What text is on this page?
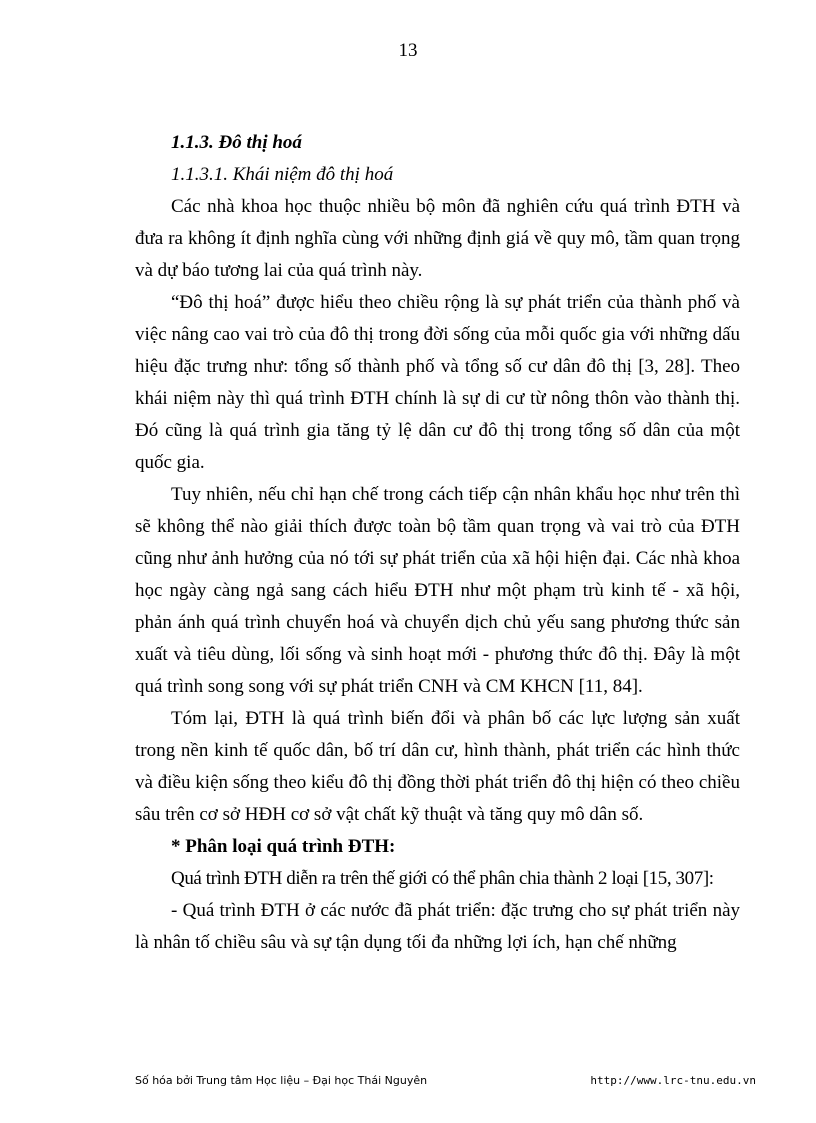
13

1.1.3. Đô thị hoá

1.1.3.1. Khái niệm đô thị hoá

Các nhà khoa học thuộc nhiều bộ môn đã nghiên cứu quá trình ĐTH và đưa ra không ít định nghĩa cùng với những định giá về quy mô, tầm quan trọng và dự báo tương lai của quá trình này.

“Đô thị hoá” được hiểu theo chiều rộng là sự phát triển của thành phố và việc nâng cao vai trò của đô thị trong đời sống của mỗi quốc gia với những dấu hiệu đặc trưng như: tổng số thành phố và tổng số cư dân đô thị [3, 28]. Theo khái niệm này thì quá trình ĐTH chính là sự di cư từ nông thôn vào thành thị. Đó cũng là quá trình gia tăng tỷ lệ dân cư đô thị trong tổng số dân của một quốc gia.

Tuy nhiên, nếu chỉ hạn chế trong cách tiếp cận nhân khẩu học như trên thì sẽ không thể nào giải thích được toàn bộ tầm quan trọng và vai trò của ĐTH cũng như ảnh hưởng của nó tới sự phát triển của xã hội hiện đại. Các nhà khoa học ngày càng ngả sang cách hiểu ĐTH như một phạm trù kinh tế - xã hội, phản ánh quá trình chuyển hoá và chuyển dịch chủ yếu sang phương thức sản xuất và tiêu dùng, lối sống và sinh hoạt mới - phương thức đô thị. Đây là một quá trình song song với sự phát triển CNH và CM KHCN [11, 84].

Tóm lại, ĐTH là quá trình biến đổi và phân bố các lực lượng sản xuất trong nền kinh tế quốc dân, bố trí dân cư, hình thành, phát triển các hình thức và điều kiện sống theo kiểu đô thị đồng thời phát triển đô thị hiện có theo chiều sâu trên cơ sở HĐH cơ sở vật chất kỹ thuật và tăng quy mô dân số.

* Phân loại quá trình ĐTH:

Quá trình ĐTH diễn ra trên thế giới có thể phân chia thành 2 loại [15, 307]:

- Quá trình ĐTH ở các nước đã phát triển: đặc trưng cho sự phát triển này là nhân tố chiều sâu và sự tận dụng tối đa những lợi ích, hạn chế những

Số hóa bởi Trung tâm Học liệu – Đại học Thái Nguyên	http://www.lrc-tnu.edu.vn
